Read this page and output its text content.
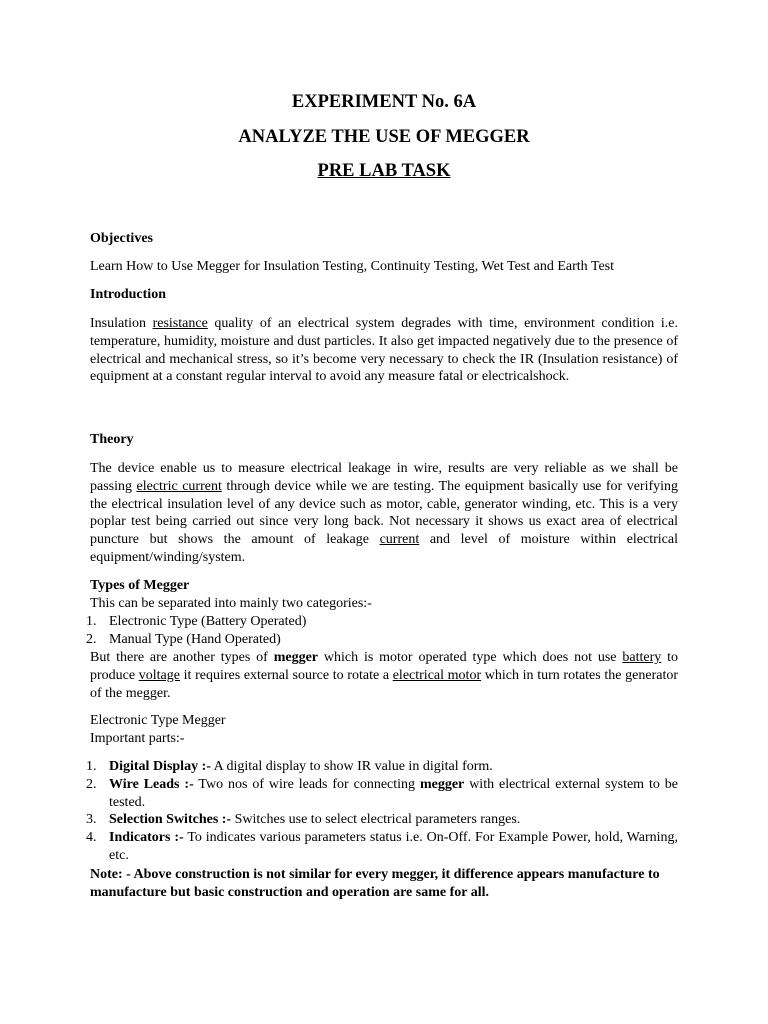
EXPERIMENT No. 6A
ANALYZE THE USE OF MEGGER
PRE LAB TASK
Objectives
Learn How to Use Megger for Insulation Testing, Continuity Testing, Wet Test and Earth Test
Introduction

Insulation resistance quality of an electrical system degrades with time, environment condition i.e. temperature, humidity, moisture and dust particles. It also get impacted negatively due to the presence of electrical and mechanical stress, so it’s become very necessary to check the IR (Insulation resistance) of equipment at a constant regular interval to avoid any measure fatal or electricalshock.

Theory

The device enable us to measure electrical leakage in wire, results are very reliable as we shall be passing electric current through device while we are testing. The equipment basically use for verifying the electrical insulation level of any device such as motor, cable, generator winding, etc. This is a very poplar test being carried out since very long back. Not necessary it shows us exact area of electrical puncture but shows the amount of leakage current and level of moisture within electrical equipment/winding/system.

Types of Megger
This can be separated into mainly two categories:-
1. Electronic Type (Battery Operated)
2. Manual Type (Hand Operated)

But there are another types of megger which is motor operated type which does not use battery to produce voltage it requires external source to rotate a electrical motor which in turn rotates the generator of the megger.

Electronic Type Megger
Important parts:-
1. Digital Display :- A digital display to show IR value in digital form.
2. Wire Leads :- Two nos of wire leads for connecting megger with electrical external system to be tested.
3. Selection Switches :- Switches use to select electrical parameters ranges.
4. Indicators :- To indicates various parameters status i.e. On-Off. For Example Power, hold, Warning, etc.

Note: - Above construction is not similar for every megger, it difference appears manufacture to manufacture but basic construction and operation are same for all.
